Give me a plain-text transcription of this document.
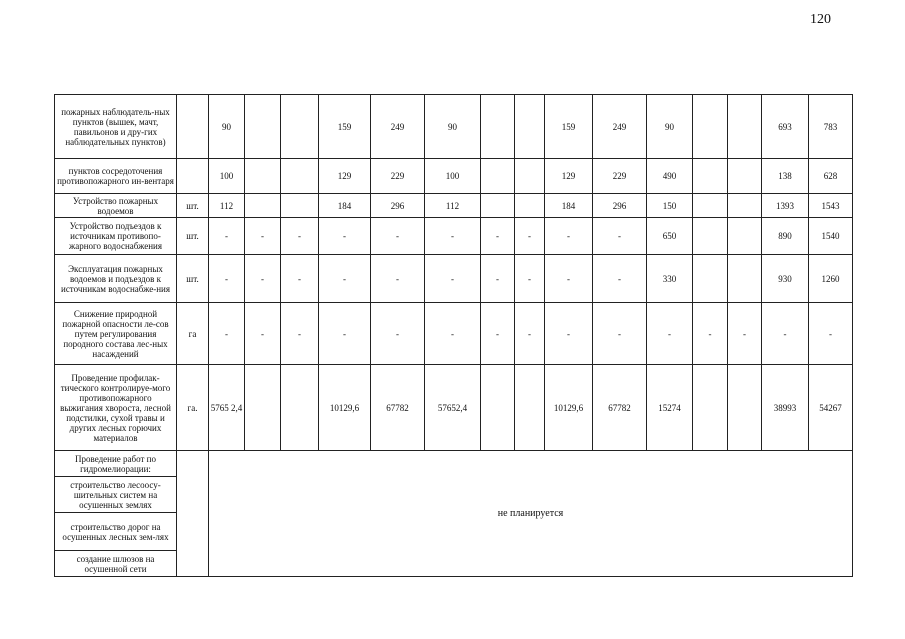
120
пожарных наблюдатель-ных пунктов (вышек, мачт, павильонов и дру-гих наблюдательных пунктов)		90			159	249	90			159	249	90			693	783
пунктов сосредоточения противопожарного ин-вентаря		100			129	229	100			129	229	490			138	628
Устройство пожарных водоемов	шт.	112			184	296	112			184	296	150			1393	1543
Устройство подъездов к источникам противопо-жарного водоснабжения	шт.	-	-	-	-	-	-	-	-	-	-	650			890	1540
Эксплуатация пожарных водоемов и подъездов к источникам водоснабже-ния	шт.	-	-	-	-	-	-	-	-	-	-	330			930	1260
Снижение природной пожарной опасности ле-сов путем регулирования породного состава лес-ных насаждений	га	-	-	-	-	-	-	-	-	-	-	-	-	-	-	-
Проведение профилак-тического контролируе-мого противопожарного выжигания хвороста, лесной подстилки, сухой травы и других лесных горючих материалов	га.	5765 2,4			10129,6	67782	57652,4			10129,6	67782	15274			38993	54267
Проведение работ по гидромелиорации:		не планируется														
строительство лесоосу-шительных систем на осушенных землях																
строительство дорог на осушенных лесных зем-лях																
создание шлюзов на осушенной сети																
